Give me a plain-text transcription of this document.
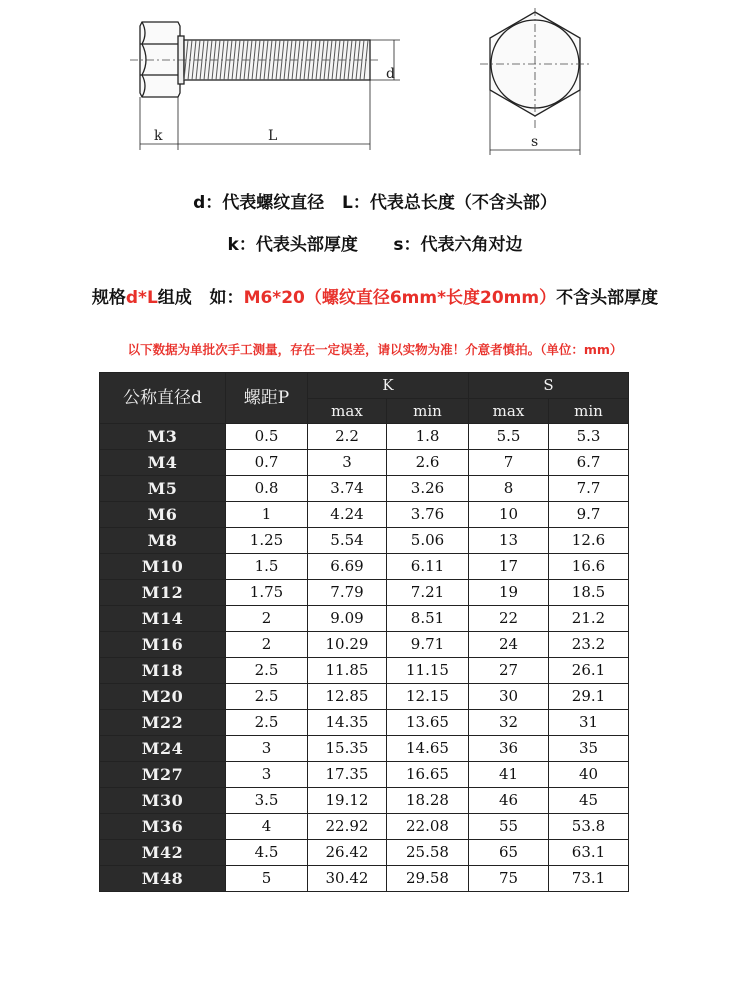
d
k	L	s
d：代表螺纹直径 L：代表总长度（不含头部）
k：代表头部厚度 s：代表六角对边
规格d*L组成   如：M6*20（螺纹直径6mm*长度20mm）不含头部厚度
以下数据为单批次手工测量，存在一定误差，请以实物为准！介意者慎拍。（单位：mm）
公称直径d	螺距P	K		S	
		max	min	max	min
M3	0.5	2.2	1.8	5.5	5.3
M4	0.7	3	2.6	7	6.7
M5	0.8	3.74	3.26	8	7.7
M6	1	4.24	3.76	10	9.7
M8	1.25	5.54	5.06	13	12.6
M10	1.5	6.69	6.11	17	16.6
M12	1.75	7.79	7.21	19	18.5
M14	2	9.09	8.51	22	21.2
M16	2	10.29	9.71	24	23.2
M18	2.5	11.85	11.15	27	26.1
M20	2.5	12.85	12.15	30	29.1
M22	2.5	14.35	13.65	32	31
M24	3	15.35	14.65	36	35
M27	3	17.35	16.65	41	40
M30	3.5	19.12	18.28	46	45
M36	4	22.92	22.08	55	53.8
M42	4.5	26.42	25.58	65	63.1
M48	5	30.42	29.58	75	73.1
